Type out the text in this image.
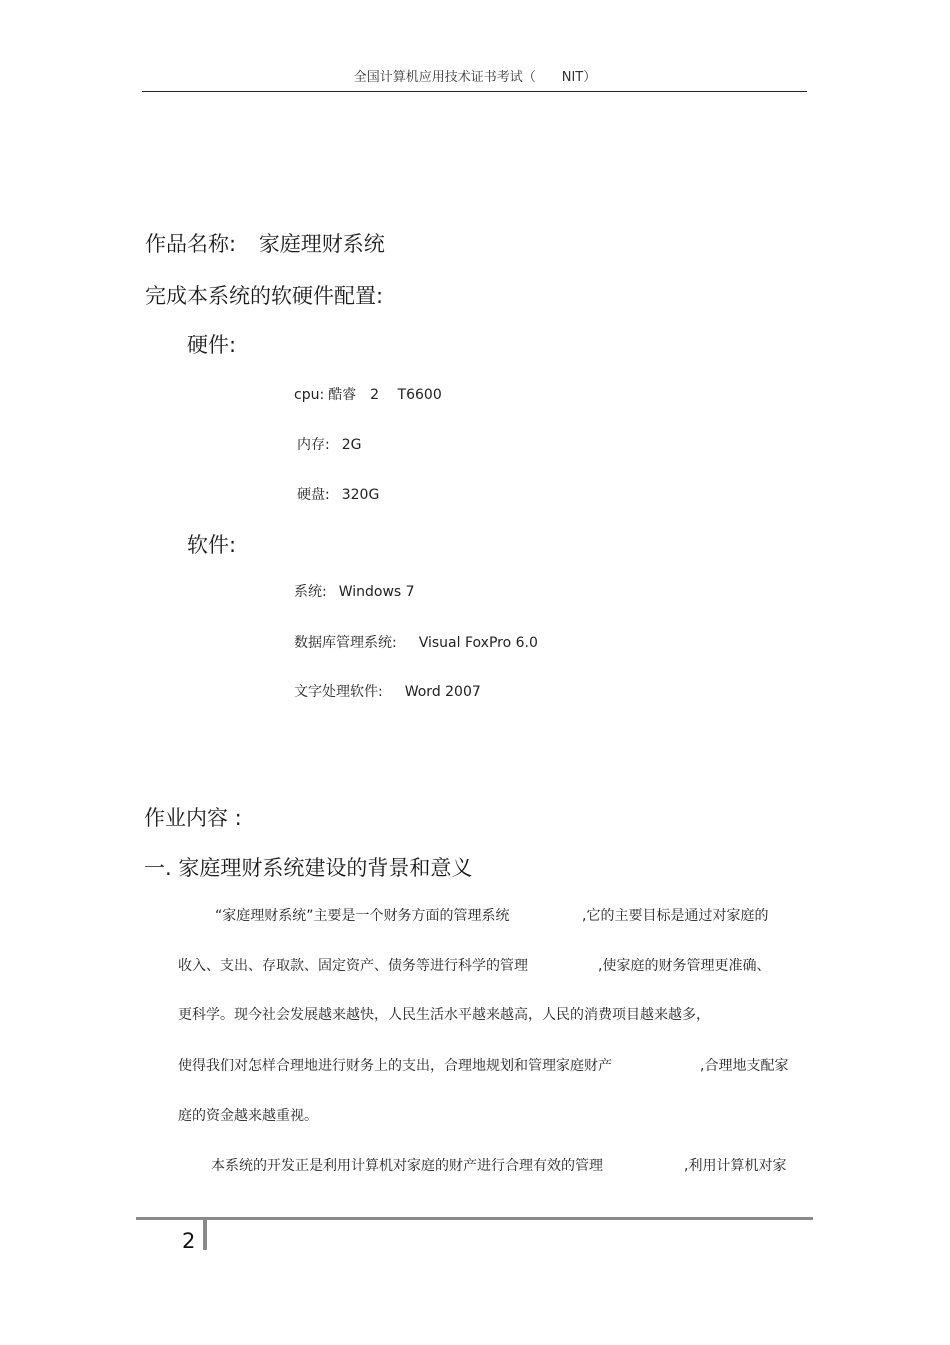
全国计算机应用技术证书考试（　　NIT）
作品名称: 家庭理财系统
完成本系统的软硬件配置:
硬件:
cpu: 酷睿　2　 T6600
内存: 2G
硬盘: 320G
软件:
系统: Windows 7
数据库管理系统: Visual FoxPro 6.0
文字处理软件: Word 2007
作业内容 :
一. 家庭理财系统建设的背景和意义
“家庭理财系统”主要是一个财务方面的管理系统	,它的主要目标是通过对家庭的
收入、支出、存取款、固定资产、债务等进行科学的管理	,使家庭的财务管理更准确、
更科学。现今社会发展越来越快，人民生活水平越来越高，人民的消费项目越来越多，
使得我们对怎样合理地进行财务上的支出，合理地规划和管理家庭财产	,合理地支配家
庭的资金越来越重视。
本系统的开发正是利用计算机对家庭的财产进行合理有效的管理	,利用计算机对家
2
